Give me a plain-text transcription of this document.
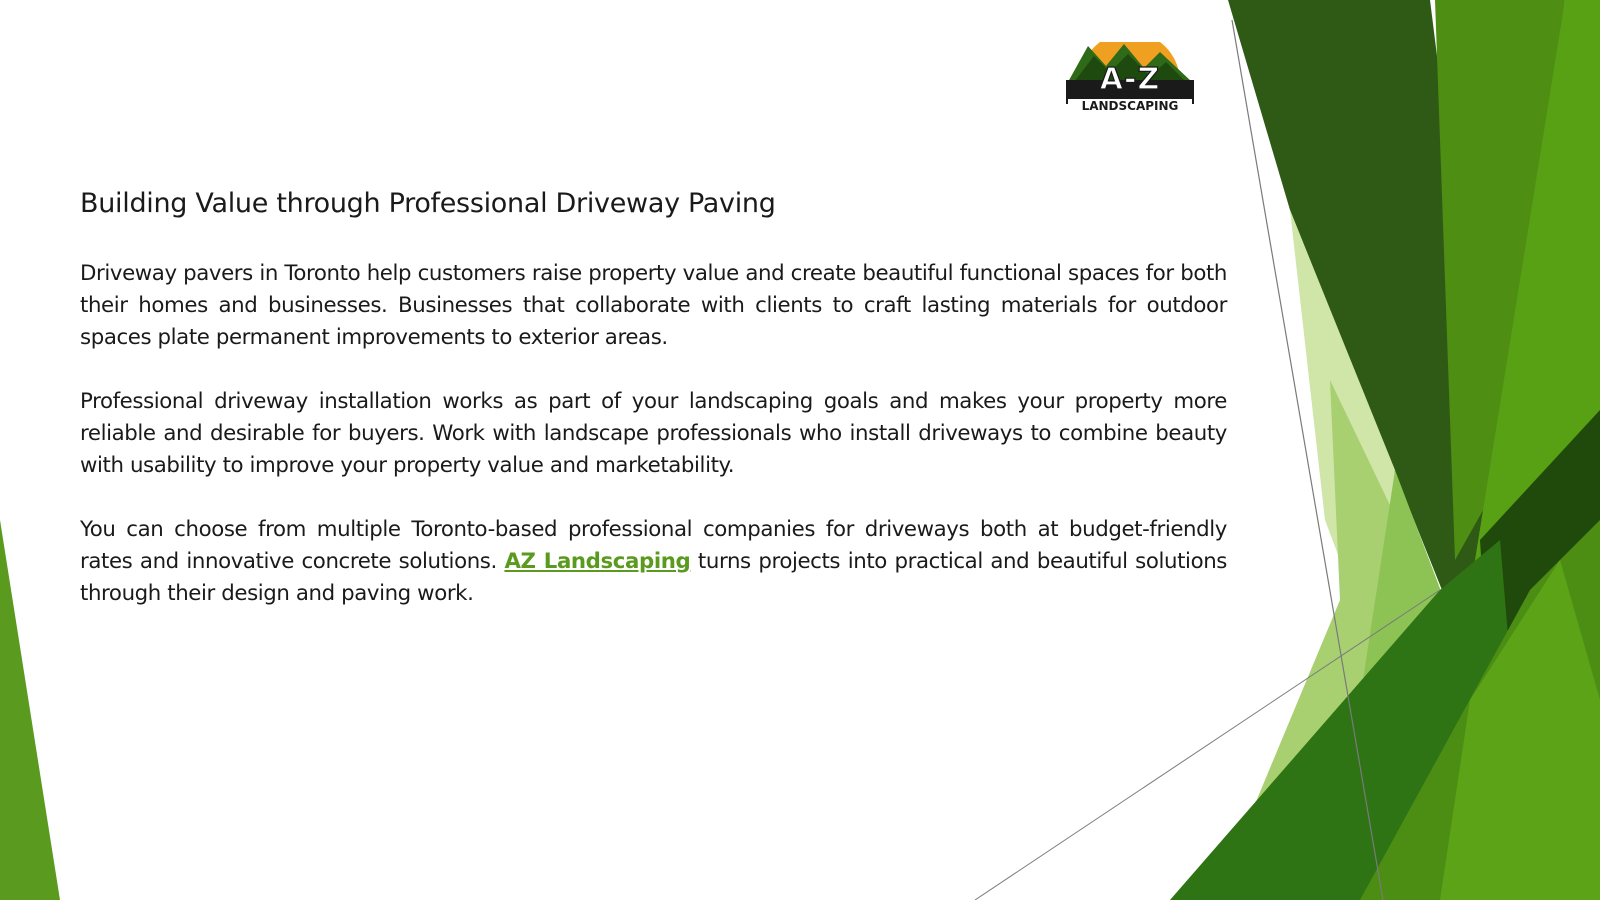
A-Z
LANDSCAPING
Building Value through Professional Driveway Paving

Driveway pavers in Toronto help customers raise property value and create beautiful functional spaces for both their homes and businesses. Businesses that collaborate with clients to craft lasting materials for outdoor spaces plate permanent improvements to exterior areas.

Professional driveway installation works as part of your landscaping goals and makes your property more reliable and desirable for buyers. Work with landscape professionals who install driveways to combine beauty with usability to improve your property value and marketability.

You can choose from multiple Toronto-based professional companies for driveways both at budget-friendly rates and innovative concrete solutions. AZ Landscaping turns projects into practical and beautiful solutions through their design and paving work.
